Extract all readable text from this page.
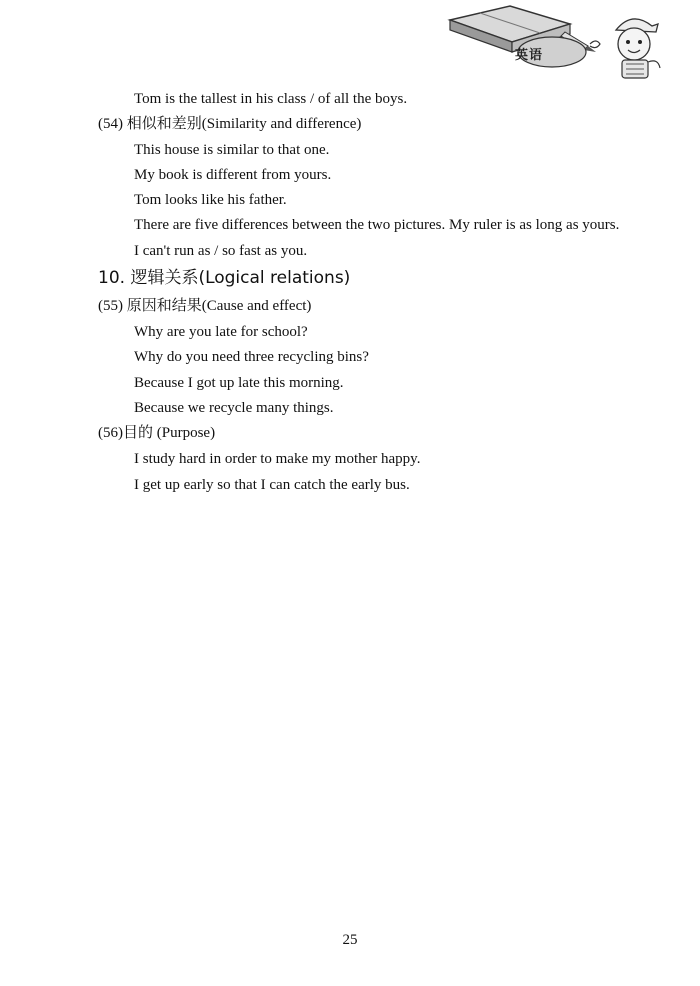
英语
Tom is the tallest in his class / of all the boys.
(54) 相似和差别(Similarity and difference)
This house is similar to that one.
My book is different from yours.
Tom looks like his father.
There are five differences between the two pictures. My ruler is as long as yours.
I can't run as / so fast as you.
10. 逻辑关系(Logical relations)
(55) 原因和结果(Cause and effect)
Why are you late for school?
Why do you need three recycling bins?
Because I got up late this morning.
Because we recycle many things.
(56)目的 (Purpose)
I study hard in order to make my mother happy.
I get up early so that I can catch the early bus.
25
